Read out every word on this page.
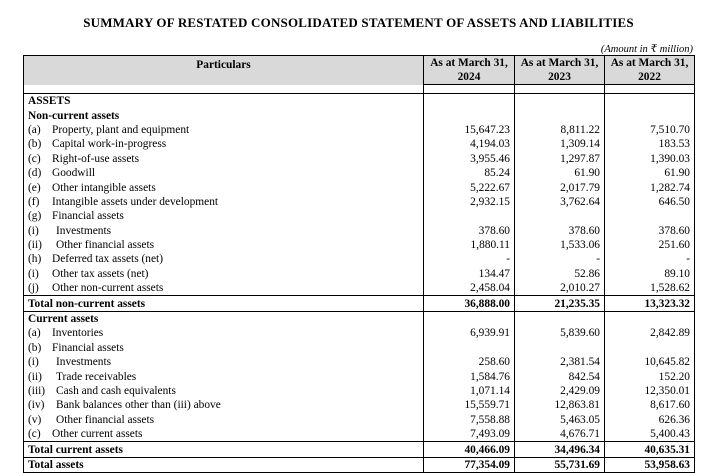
SUMMARY OF RESTATED CONSOLIDATED STATEMENT OF ASSETS AND LIABILITIES
(Amount in ₹ million)
Particulars	As at March 31,	As at March 31,	As at March 31,
	2024	2023	2022

ASSETS			
Non-current assets			
(a) Property, plant and equipment	15,647.23	8,811.22	7,510.70
(b) Capital work-in-progress	4,194.03	1,309.14	183.53
(c) Right-of-use assets	3,955.46	1,297.87	1,390.03
(d) Goodwill	85.24	61.90	61.90
(e) Other intangible assets	5,222.67	2,017.79	1,282.74
(f) Intangible assets under development	2,932.15	3,762.64	646.50
(g) Financial assets			
(i) Investments	378.60	378.60	378.60
(ii) Other financial assets	1,880.11	1,533.06	251.60
(h) Deferred tax assets (net)	-	-	-
(i) Other tax assets (net)	134.47	52.86	89.10
(j) Other non-current assets	2,458.04	2,010.27	1,528.62
Total non-current assets	36,888.00	21,235.35	13,323.32
Current assets			
(a) Inventories	6,939.91	5,839.60	2,842.89
(b) Financial assets			
(i) Investments	258.60	2,381.54	10,645.82
(ii) Trade receivables	1,584.76	842.54	152.20
(iii) Cash and cash equivalents	1,071.14	2,429.09	12,350.01
(iv) Bank balances other than (iii) above	15,559.71	12,863.81	8,617.60
(v) Other financial assets	7,558.88	5,463.05	626.36
(c) Other current assets	7,493.09	4,676.71	5,400.43
Total current assets	40,466.09	34,496.34	40,635.31
Total assets	77,354.09	55,731.69	53,958.63
